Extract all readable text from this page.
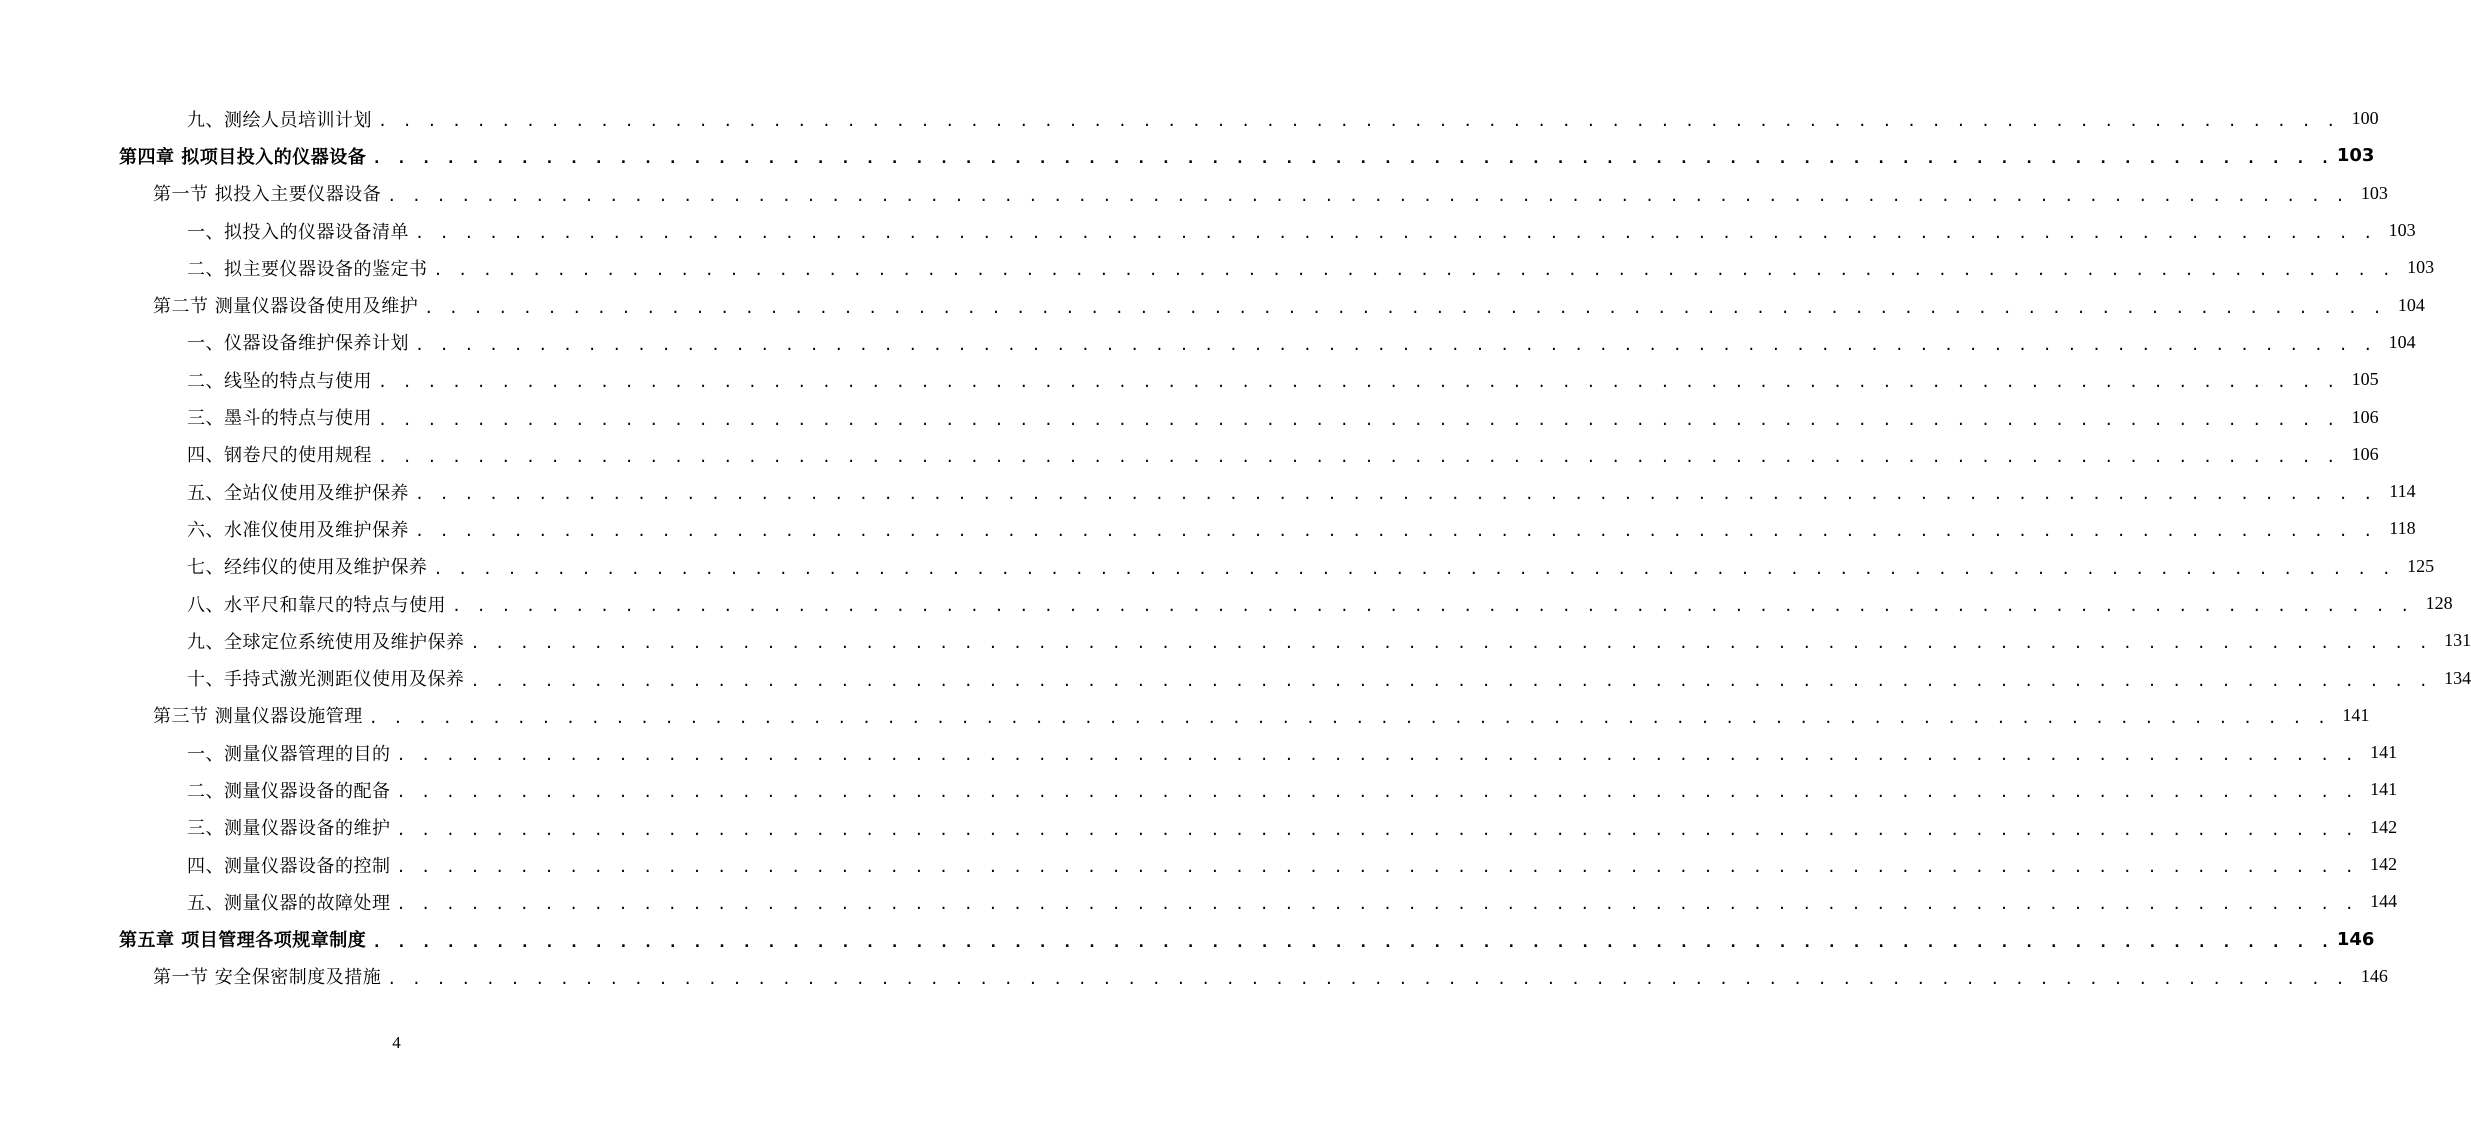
九、测绘人员培训计划 . . . . . . . . . . . . . . . . . . . . . . . . . . . . . . . . . . . . . . . . . . . . . . . . . . . . . . . . . . . . . . . . . . . . . . . . . . . . . . . . 100
第四章 拟项目投入的仪器设备 . . . . . . . . . . . . . . . . . . . . . . . . . . . . . . . . . . . . . . . . . . . . . . . . . . . . . . . . . . . . . . . . . . . . . . . . . . . . . . . . 103
第一节 拟投入主要仪器设备 . . . . . . . . . . . . . . . . . . . . . . . . . . . . . . . . . . . . . . . . . . . . . . . . . . . . . . . . . . . . . . . . . . . . . . . . . . . . . . . . 103
一、拟投入的仪器设备清单 . . . . . . . . . . . . . . . . . . . . . . . . . . . . . . . . . . . . . . . . . . . . . . . . . . . . . . . . . . . . . . . . . . . . . . . . . . . . . . . . 103
二、拟主要仪器设备的鉴定书 . . . . . . . . . . . . . . . . . . . . . . . . . . . . . . . . . . . . . . . . . . . . . . . . . . . . . . . . . . . . . . . . . . . . . . . . . . . . . . . . 103
第二节 测量仪器设备使用及维护 . . . . . . . . . . . . . . . . . . . . . . . . . . . . . . . . . . . . . . . . . . . . . . . . . . . . . . . . . . . . . . . . . . . . . . . . . . . . . . . . 104
一、仪器设备维护保养计划 . . . . . . . . . . . . . . . . . . . . . . . . . . . . . . . . . . . . . . . . . . . . . . . . . . . . . . . . . . . . . . . . . . . . . . . . . . . . . . . . 104
二、线坠的特点与使用 . . . . . . . . . . . . . . . . . . . . . . . . . . . . . . . . . . . . . . . . . . . . . . . . . . . . . . . . . . . . . . . . . . . . . . . . . . . . . . . . 105
三、墨斗的特点与使用 . . . . . . . . . . . . . . . . . . . . . . . . . . . . . . . . . . . . . . . . . . . . . . . . . . . . . . . . . . . . . . . . . . . . . . . . . . . . . . . . 106
四、钢卷尺的使用规程 . . . . . . . . . . . . . . . . . . . . . . . . . . . . . . . . . . . . . . . . . . . . . . . . . . . . . . . . . . . . . . . . . . . . . . . . . . . . . . . . 106
五、全站仪使用及维护保养 . . . . . . . . . . . . . . . . . . . . . . . . . . . . . . . . . . . . . . . . . . . . . . . . . . . . . . . . . . . . . . . . . . . . . . . . . . . . . . . . 114
六、水准仪使用及维护保养 . . . . . . . . . . . . . . . . . . . . . . . . . . . . . . . . . . . . . . . . . . . . . . . . . . . . . . . . . . . . . . . . . . . . . . . . . . . . . . . . 118
七、经纬仪的使用及维护保养 . . . . . . . . . . . . . . . . . . . . . . . . . . . . . . . . . . . . . . . . . . . . . . . . . . . . . . . . . . . . . . . . . . . . . . . . . . . . . . . . 125
八、水平尺和靠尺的特点与使用 . . . . . . . . . . . . . . . . . . . . . . . . . . . . . . . . . . . . . . . . . . . . . . . . . . . . . . . . . . . . . . . . . . . . . . . . . . . . . . . . 128
九、全球定位系统使用及维护保养 . . . . . . . . . . . . . . . . . . . . . . . . . . . . . . . . . . . . . . . . . . . . . . . . . . . . . . . . . . . . . . . . . . . . . . . . . . . . . . . . 131
十、手持式激光测距仪使用及保养 . . . . . . . . . . . . . . . . . . . . . . . . . . . . . . . . . . . . . . . . . . . . . . . . . . . . . . . . . . . . . . . . . . . . . . . . . . . . . . . . 134
第三节 测量仪器设施管理 . . . . . . . . . . . . . . . . . . . . . . . . . . . . . . . . . . . . . . . . . . . . . . . . . . . . . . . . . . . . . . . . . . . . . . . . . . . . . . . . 141
一、测量仪器管理的目的 . . . . . . . . . . . . . . . . . . . . . . . . . . . . . . . . . . . . . . . . . . . . . . . . . . . . . . . . . . . . . . . . . . . . . . . . . . . . . . . . 141
二、测量仪器设备的配备 . . . . . . . . . . . . . . . . . . . . . . . . . . . . . . . . . . . . . . . . . . . . . . . . . . . . . . . . . . . . . . . . . . . . . . . . . . . . . . . . 141
三、测量仪器设备的维护 . . . . . . . . . . . . . . . . . . . . . . . . . . . . . . . . . . . . . . . . . . . . . . . . . . . . . . . . . . . . . . . . . . . . . . . . . . . . . . . . 142
四、测量仪器设备的控制 . . . . . . . . . . . . . . . . . . . . . . . . . . . . . . . . . . . . . . . . . . . . . . . . . . . . . . . . . . . . . . . . . . . . . . . . . . . . . . . . 142
五、测量仪器的故障处理 . . . . . . . . . . . . . . . . . . . . . . . . . . . . . . . . . . . . . . . . . . . . . . . . . . . . . . . . . . . . . . . . . . . . . . . . . . . . . . . . 144
第五章 项目管理各项规章制度 . . . . . . . . . . . . . . . . . . . . . . . . . . . . . . . . . . . . . . . . . . . . . . . . . . . . . . . . . . . . . . . . . . . . . . . . . . . . . . . . 146
第一节 安全保密制度及措施 . . . . . . . . . . . . . . . . . . . . . . . . . . . . . . . . . . . . . . . . . . . . . . . . . . . . . . . . . . . . . . . . . . . . . . . . . . . . . . . . 146
4
